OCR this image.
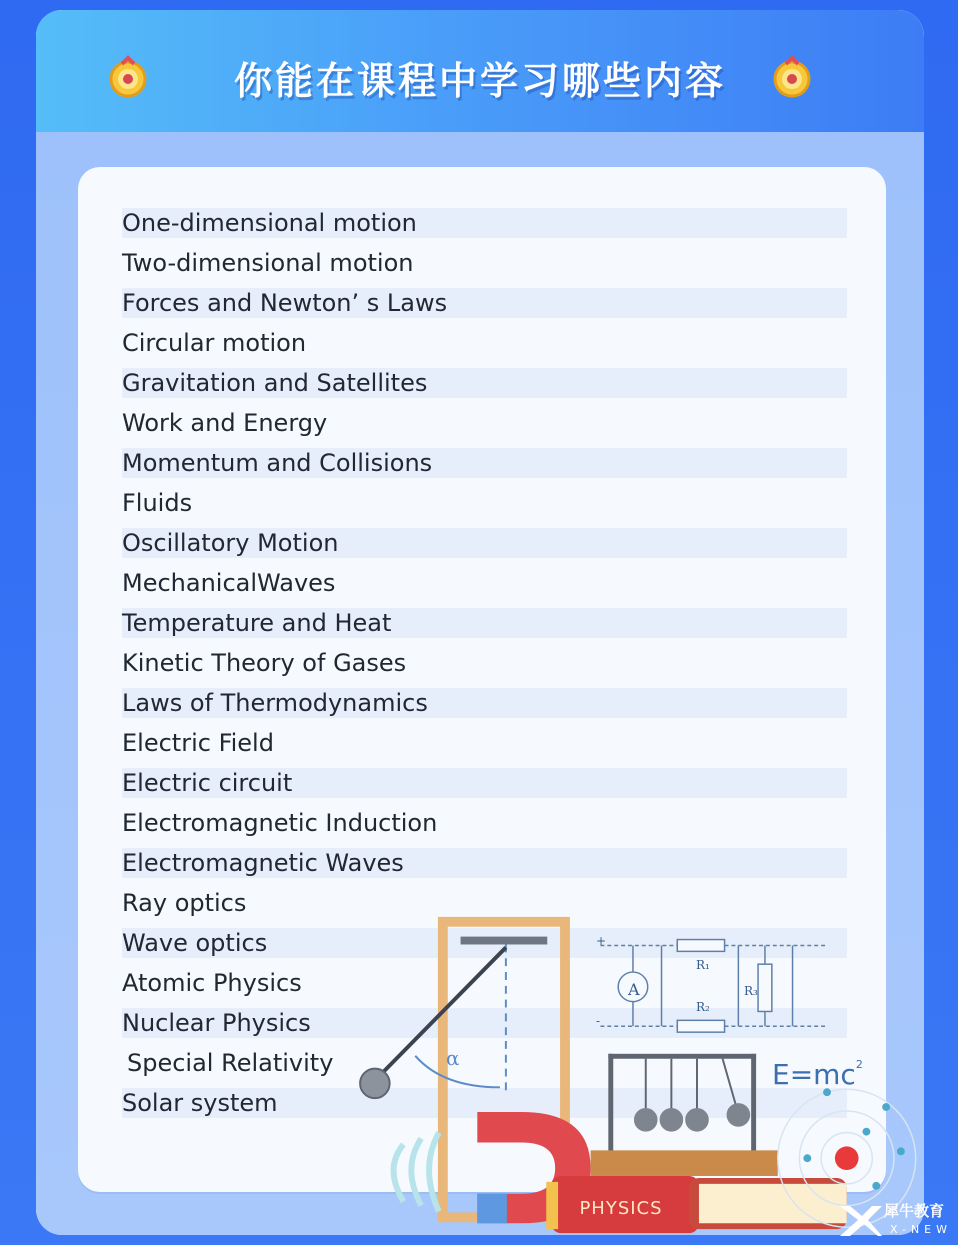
你能在课程中学习哪些内容
One-dimensional motion
Two-dimensional motion
Forces and Newton’ s Laws
Circular motion
Gravitation and Satellites
Work and Energy
Momentum and Collisions
Fluids
Oscillatory Motion
MechanicalWaves
Temperature and Heat
Kinetic Theory of Gases
Laws of Thermodynamics
Electric Field
Electric circuit
Electromagnetic Induction
Electromagnetic Waves
Ray optics
Wave optics
Atomic Physics
Nuclear Physics
Special Relativity
Solar system
+
-
A
R₁
R₂
R₃
α	$E=mc^2$
PHYSICS	犀牛教育
X-NEW
